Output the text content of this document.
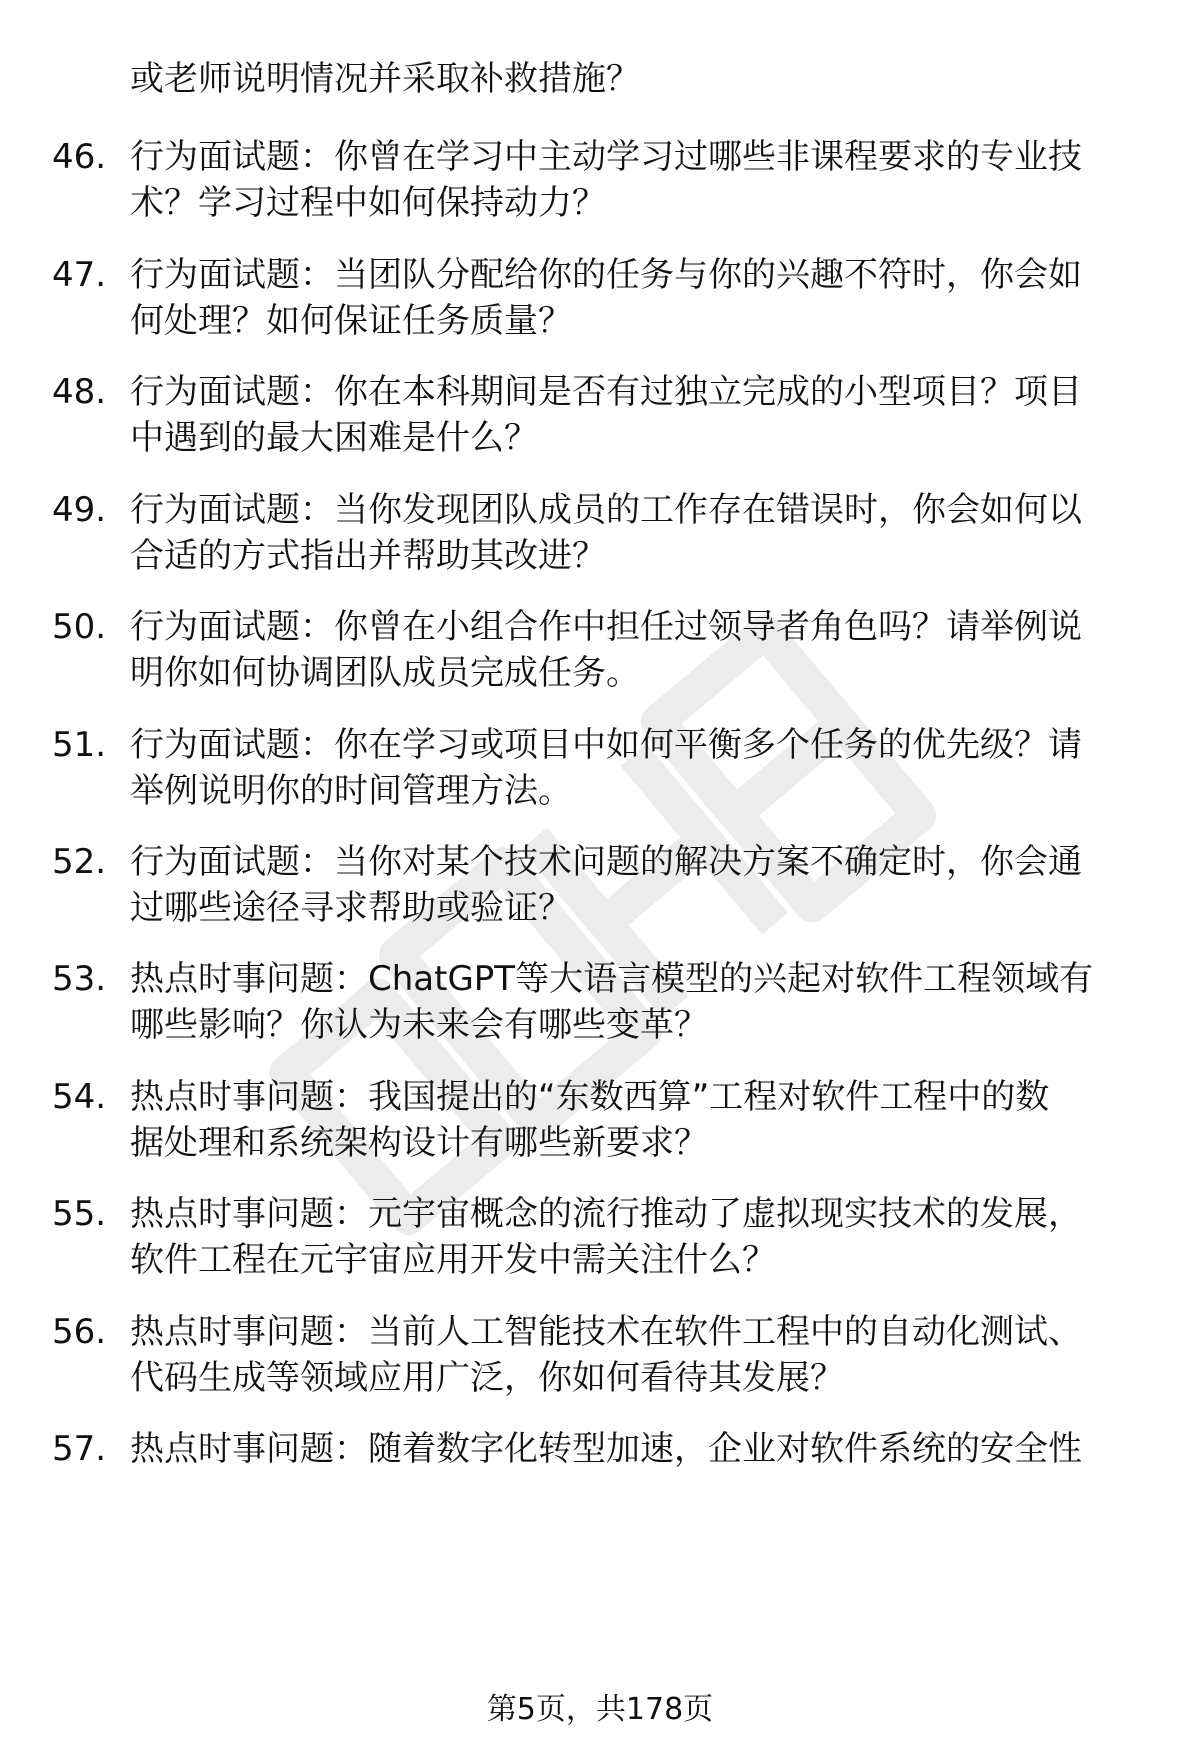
或老师说明情况并采取补救措施？
46. 行为面试题：你曾在学习中主动学习过哪些非课程要求的专业技
术？学习过程中如何保持动力？
47. 行为面试题：当团队分配给你的任务与你的兴趣不符时，你会如
何处理？如何保证任务质量？
48. 行为面试题：你在本科期间是否有过独立完成的小型项目？项目
中遇到的最大困难是什么？
49. 行为面试题：当你发现团队成员的工作存在错误时，你会如何以
合适的方式指出并帮助其改进？
50. 行为面试题：你曾在小组合作中担任过领导者角色吗？请举例说
明你如何协调团队成员完成任务。
51. 行为面试题：你在学习或项目中如何平衡多个任务的优先级？请
举例说明你的时间管理方法。
52. 行为面试题：当你对某个技术问题的解决方案不确定时，你会通
过哪些途径寻求帮助或验证？
53. 热点时事问题：ChatGPT等大语言模型的兴起对软件工程领域有
哪些影响？你认为未来会有哪些变革？
54. 热点时事问题：我国提出的“东数西算”工程对软件工程中的数
据处理和系统架构设计有哪些新要求？
55. 热点时事问题：元宇宙概念的流行推动了虚拟现实技术的发展，
软件工程在元宇宙应用开发中需关注什么？
56. 热点时事问题：当前人工智能技术在软件工程中的自动化测试、
代码生成等领域应用广泛，你如何看待其发展？
57. 热点时事问题：随着数字化转型加速，企业对软件系统的安全性
第5页，共178页
